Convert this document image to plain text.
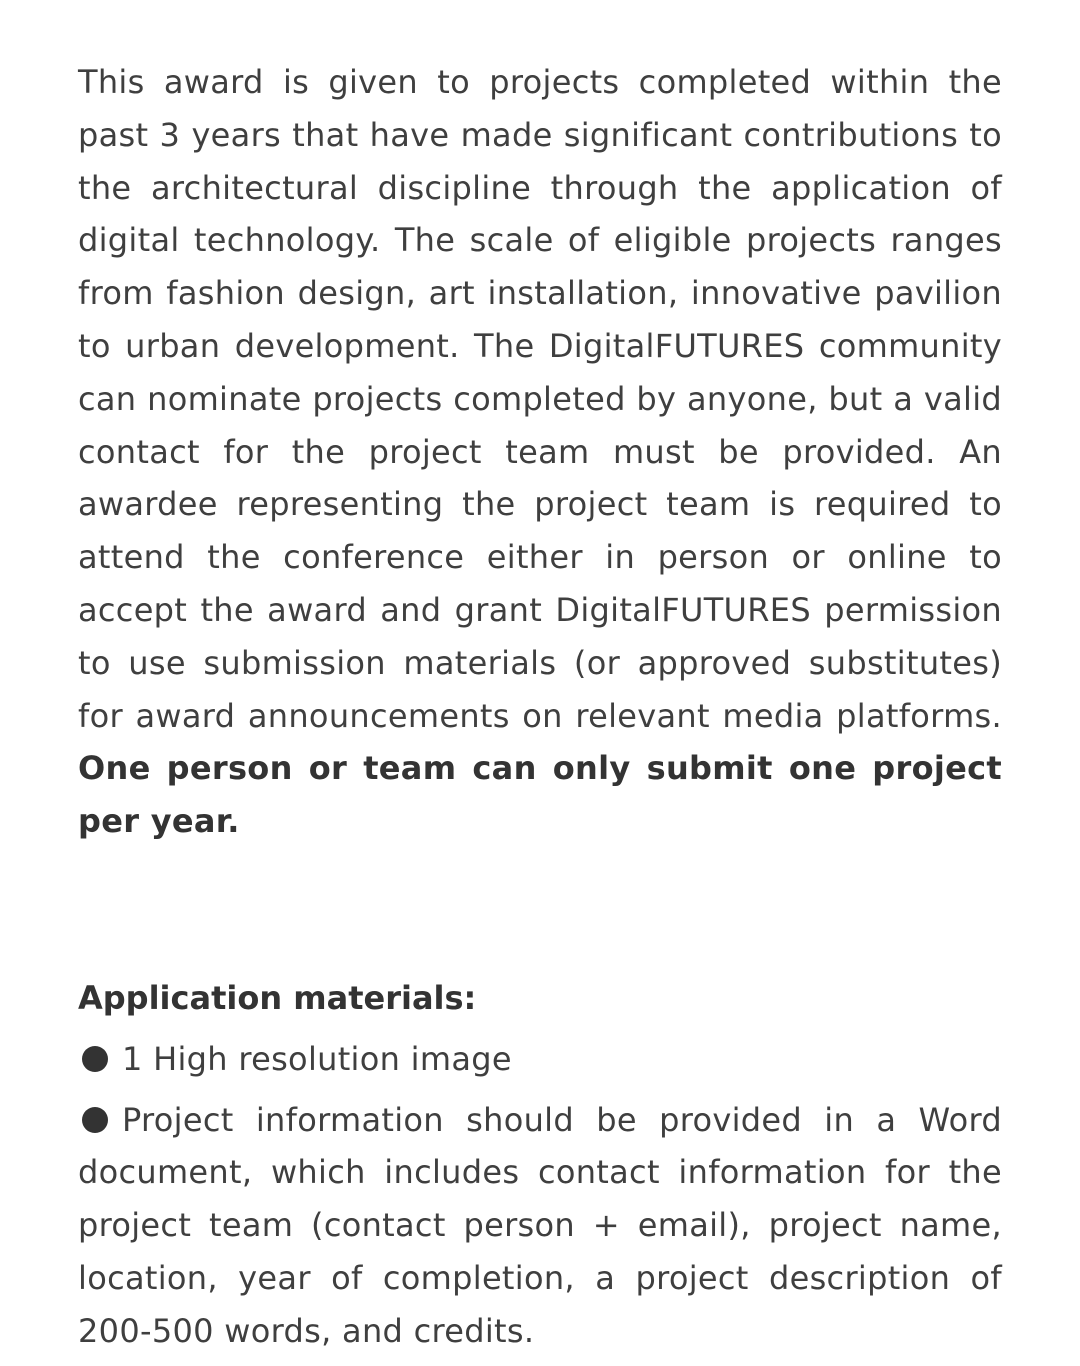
This award is given to projects completed within the past 3 years that have made significant contributions to the architectural discipline through the application of digital technology. The scale of eligible projects ranges from fashion design, art installation, innovative pavilion to urban development. The DigitalFUTURES community can nominate projects completed by anyone, but a valid contact for the project team must be provided. An awardee representing the project team is required to attend the conference either in person or online to accept the award and grant DigitalFUTURES permission to use submission materials (or approved substitutes) for award announcements on relevant media platforms. One person or team can only submit one project per year.

Application materials:

1 High resolution image
Project information should be provided in a Word document, which includes contact information for the project team (contact person + email), project name, location, year of completion, a project description of 200-500 words, and credits.
